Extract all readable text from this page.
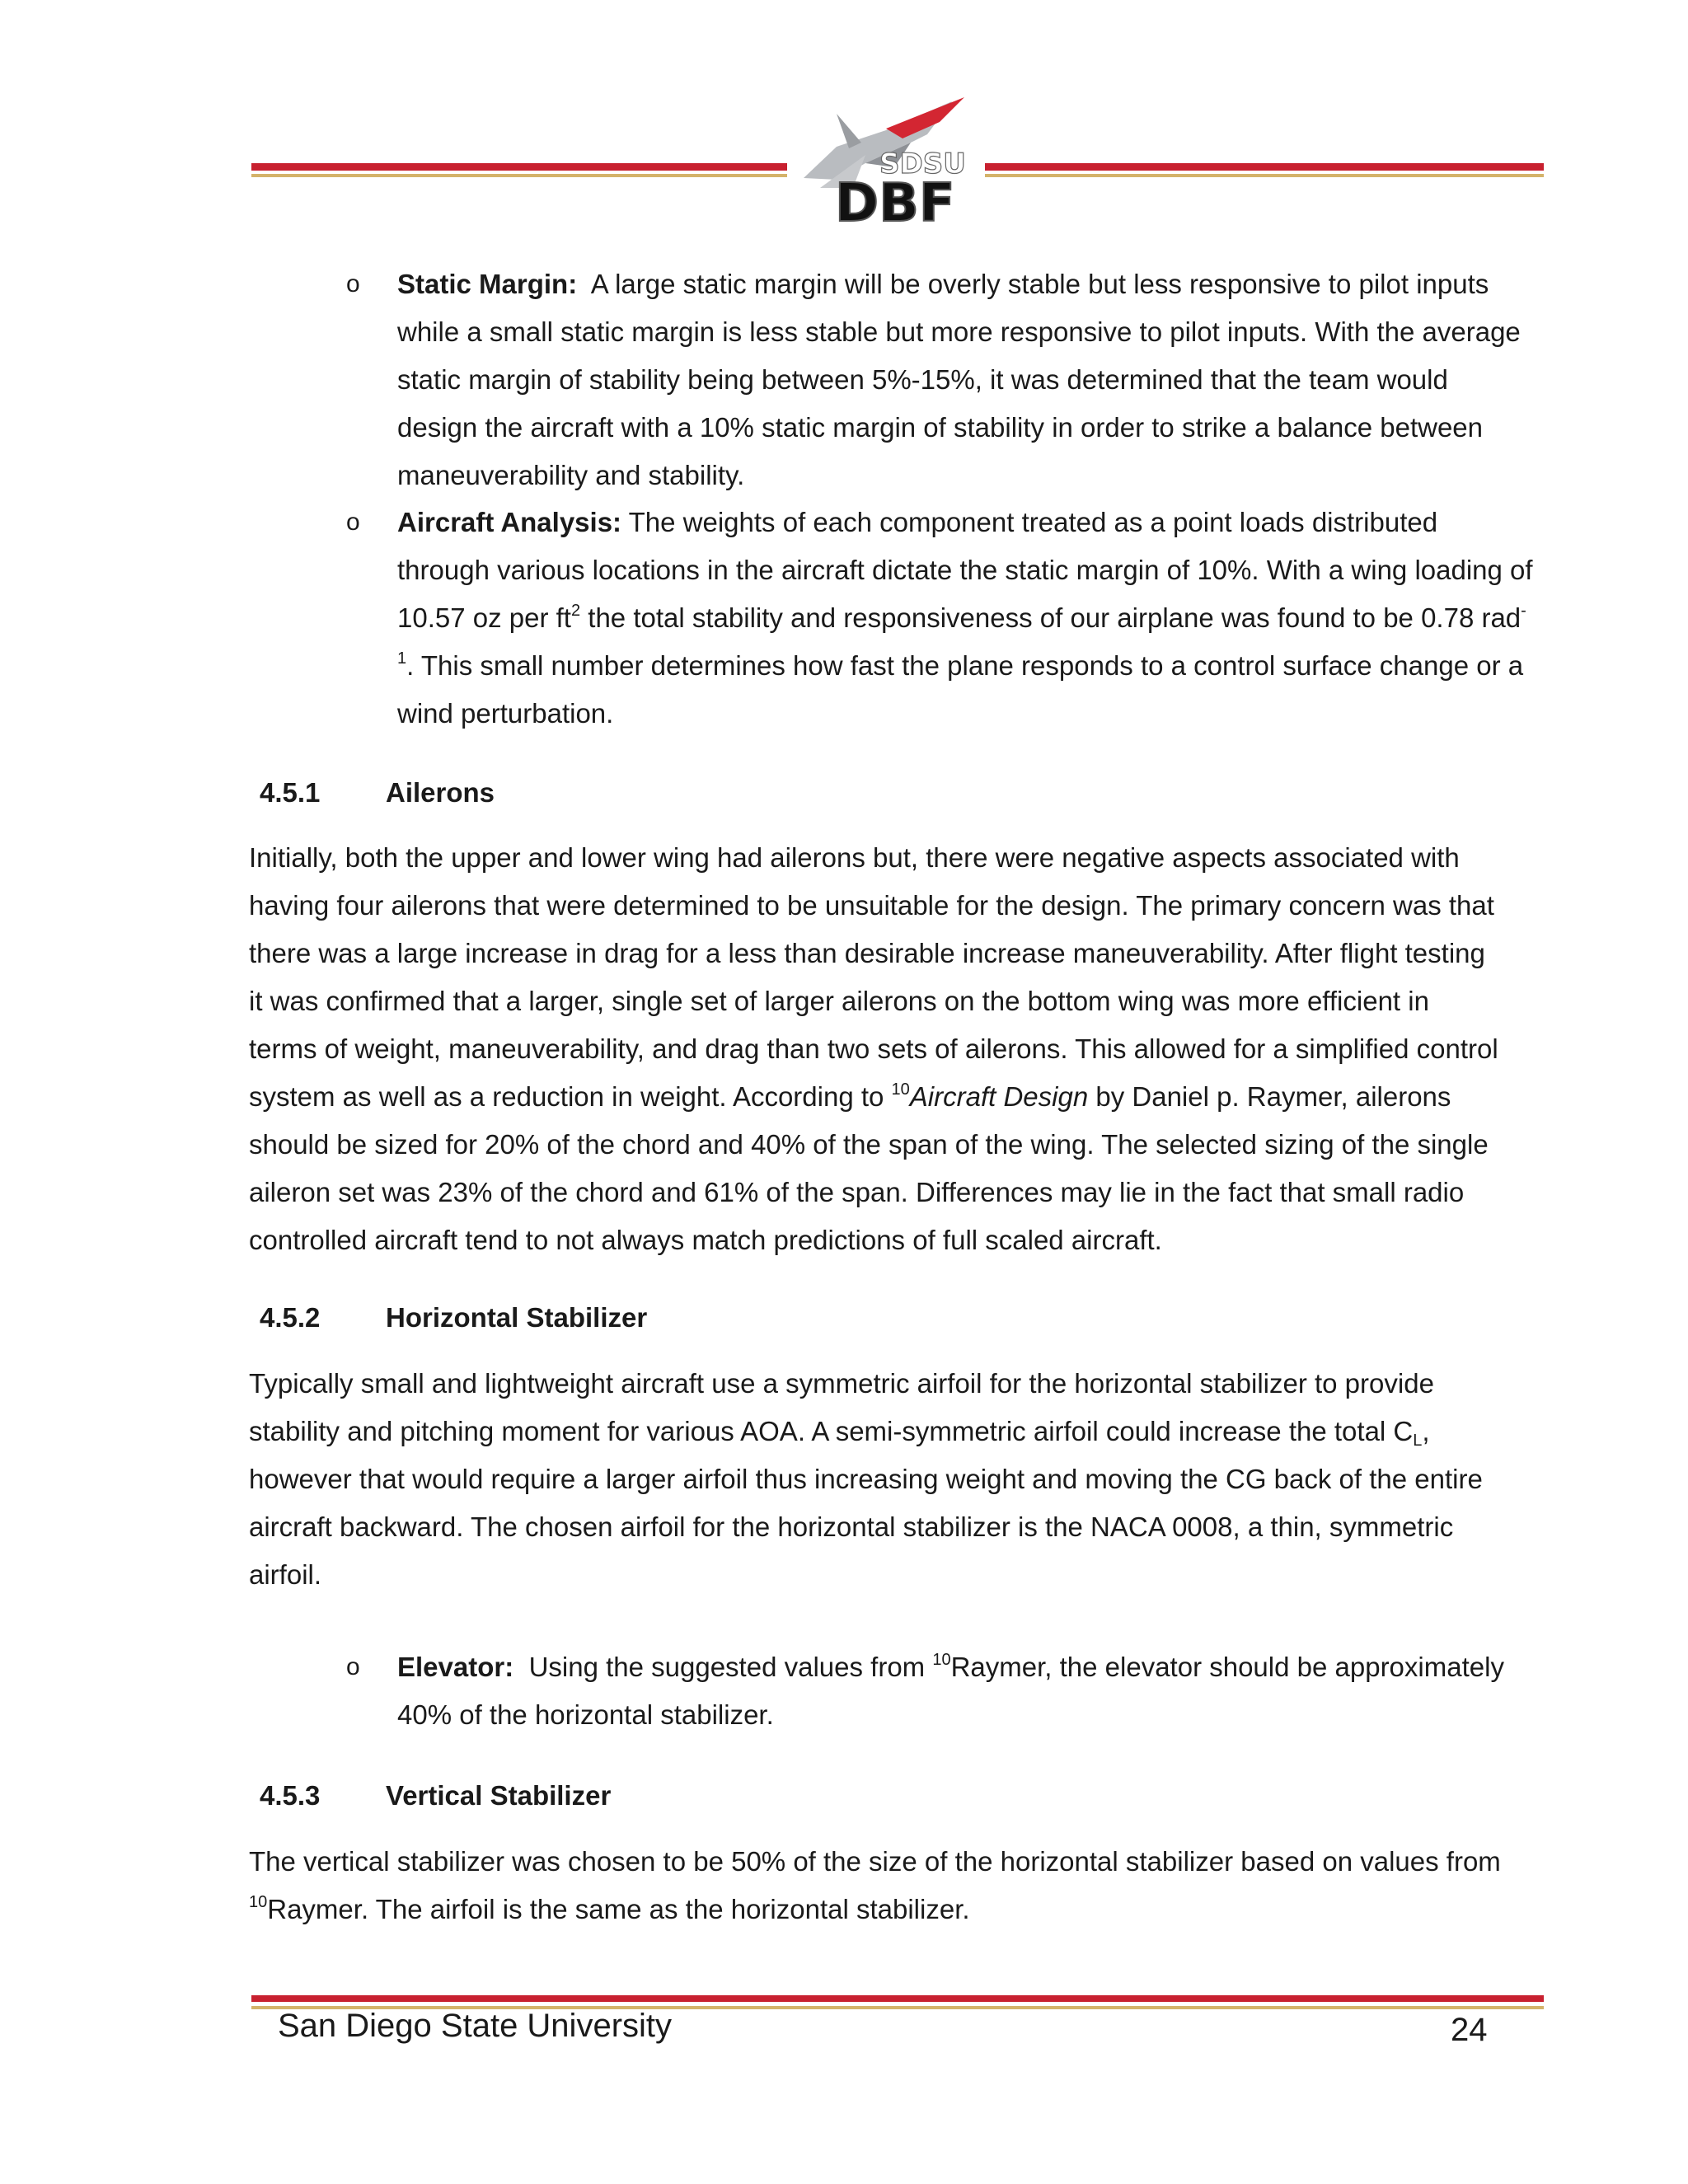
SDSU
DBF
o	Static Margin: A large static margin will be overly stable but less responsive to pilot inputs while a small static margin is less stable but more responsive to pilot inputs. With the average static margin of stability being between 5%-15%, it was determined that the team would design the aircraft with a 10% static margin of stability in order to strike a balance between maneuverability and stability.
o	Aircraft Analysis: The weights of each component treated as a point loads distributed through various locations in the aircraft dictate the static margin of 10%. With a wing loading of 10.57 oz per $ft^2$ the total stability and responsiveness of our airplane was found to be 0.78 rad$^{-1}$. This small number determines how fast the plane responds to a control surface change or a wind perturbation.
4.5.1 Ailerons
Initially, both the upper and lower wing had ailerons but, there were negative aspects associated with having four ailerons that were determined to be unsuitable for the design. The primary concern was that there was a large increase in drag for a less than desirable increase maneuverability. After flight testing it was confirmed that a larger, single set of larger ailerons on the bottom wing was more efficient in terms of weight, maneuverability, and drag than two sets of ailerons. This allowed for a simplified control system as well as a reduction in weight. According to $^{10}$Aircraft Design by Daniel p. Raymer, ailerons should be sized for 20% of the chord and 40% of the span of the wing. The selected sizing of the single aileron set was 23% of the chord and 61% of the span. Differences may lie in the fact that small radio controlled aircraft tend to not always match predictions of full scaled aircraft.
4.5.2 Horizontal Stabilizer
Typically small and lightweight aircraft use a symmetric airfoil for the horizontal stabilizer to provide stability and pitching moment for various AOA. A semi-symmetric airfoil could increase the total $C_L$, however that would require a larger airfoil thus increasing weight and moving the CG back of the entire aircraft backward. The chosen airfoil for the horizontal stabilizer is the NACA 0008, a thin, symmetric airfoil.
o	Elevator: Using the suggested values from $^{10}$Raymer, the elevator should be approximately 40% of the horizontal stabilizer.
4.5.3 Vertical Stabilizer
The vertical stabilizer was chosen to be 50% of the size of the horizontal stabilizer based on values from $^{10}$Raymer. The airfoil is the same as the horizontal stabilizer.
San Diego State University	24
